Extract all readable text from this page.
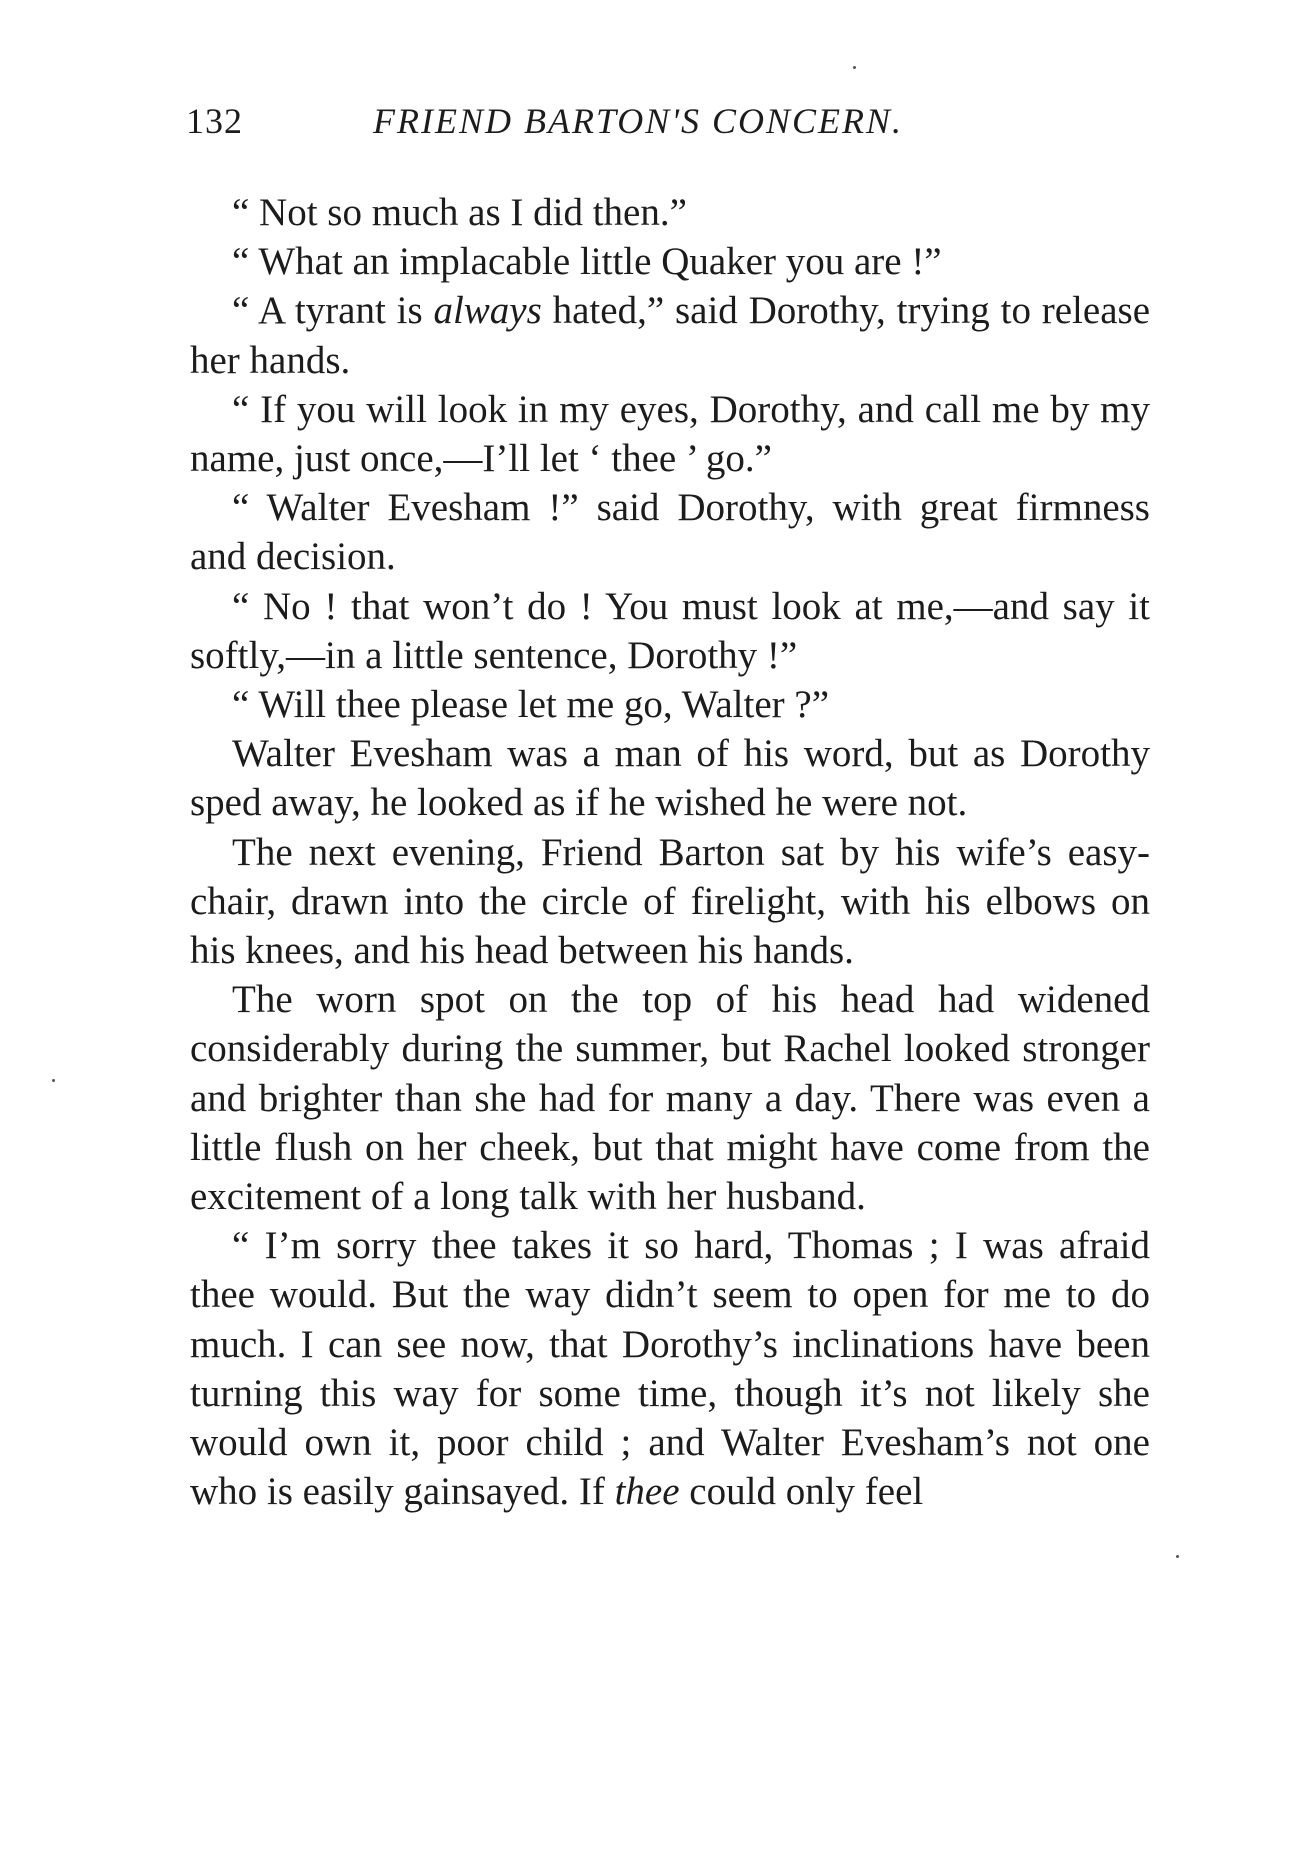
132	FRIEND BARTON'S CONCERN.

“ Not so much as I did then.”

“ What an implacable little Quaker you are !”

“ A tyrant is always hated,” said Dorothy, trying to release her hands.

“ If you will look in my eyes, Dorothy, and call me by my name, just once,—I’ll let ‘ thee ’ go.”

“ Walter Evesham !” said Dorothy, with great firmness and decision.

“ No ! that won’t do ! You must look at me,—and say it softly,—in a little sentence, Dorothy !”

“ Will thee please let me go, Walter ?”

Walter Evesham was a man of his word, but as Dorothy sped away, he looked as if he wished he were not.

The next evening, Friend Barton sat by his wife’s easy-chair, drawn into the circle of firelight, with his elbows on his knees, and his head between his hands.

The worn spot on the top of his head had widened considerably during the summer, but Rachel looked stronger and brighter than she had for many a day. There was even a little flush on her cheek, but that might have come from the excitement of a long talk with her husband.

“ I’m sorry thee takes it so hard, Thomas ; I was afraid thee would. But the way didn’t seem to open for me to do much. I can see now, that Dorothy’s inclinations have been turning this way for some time, though it’s not likely she would own it, poor child ; and Walter Evesham’s not one who is easily gainsayed. If thee could only feel
